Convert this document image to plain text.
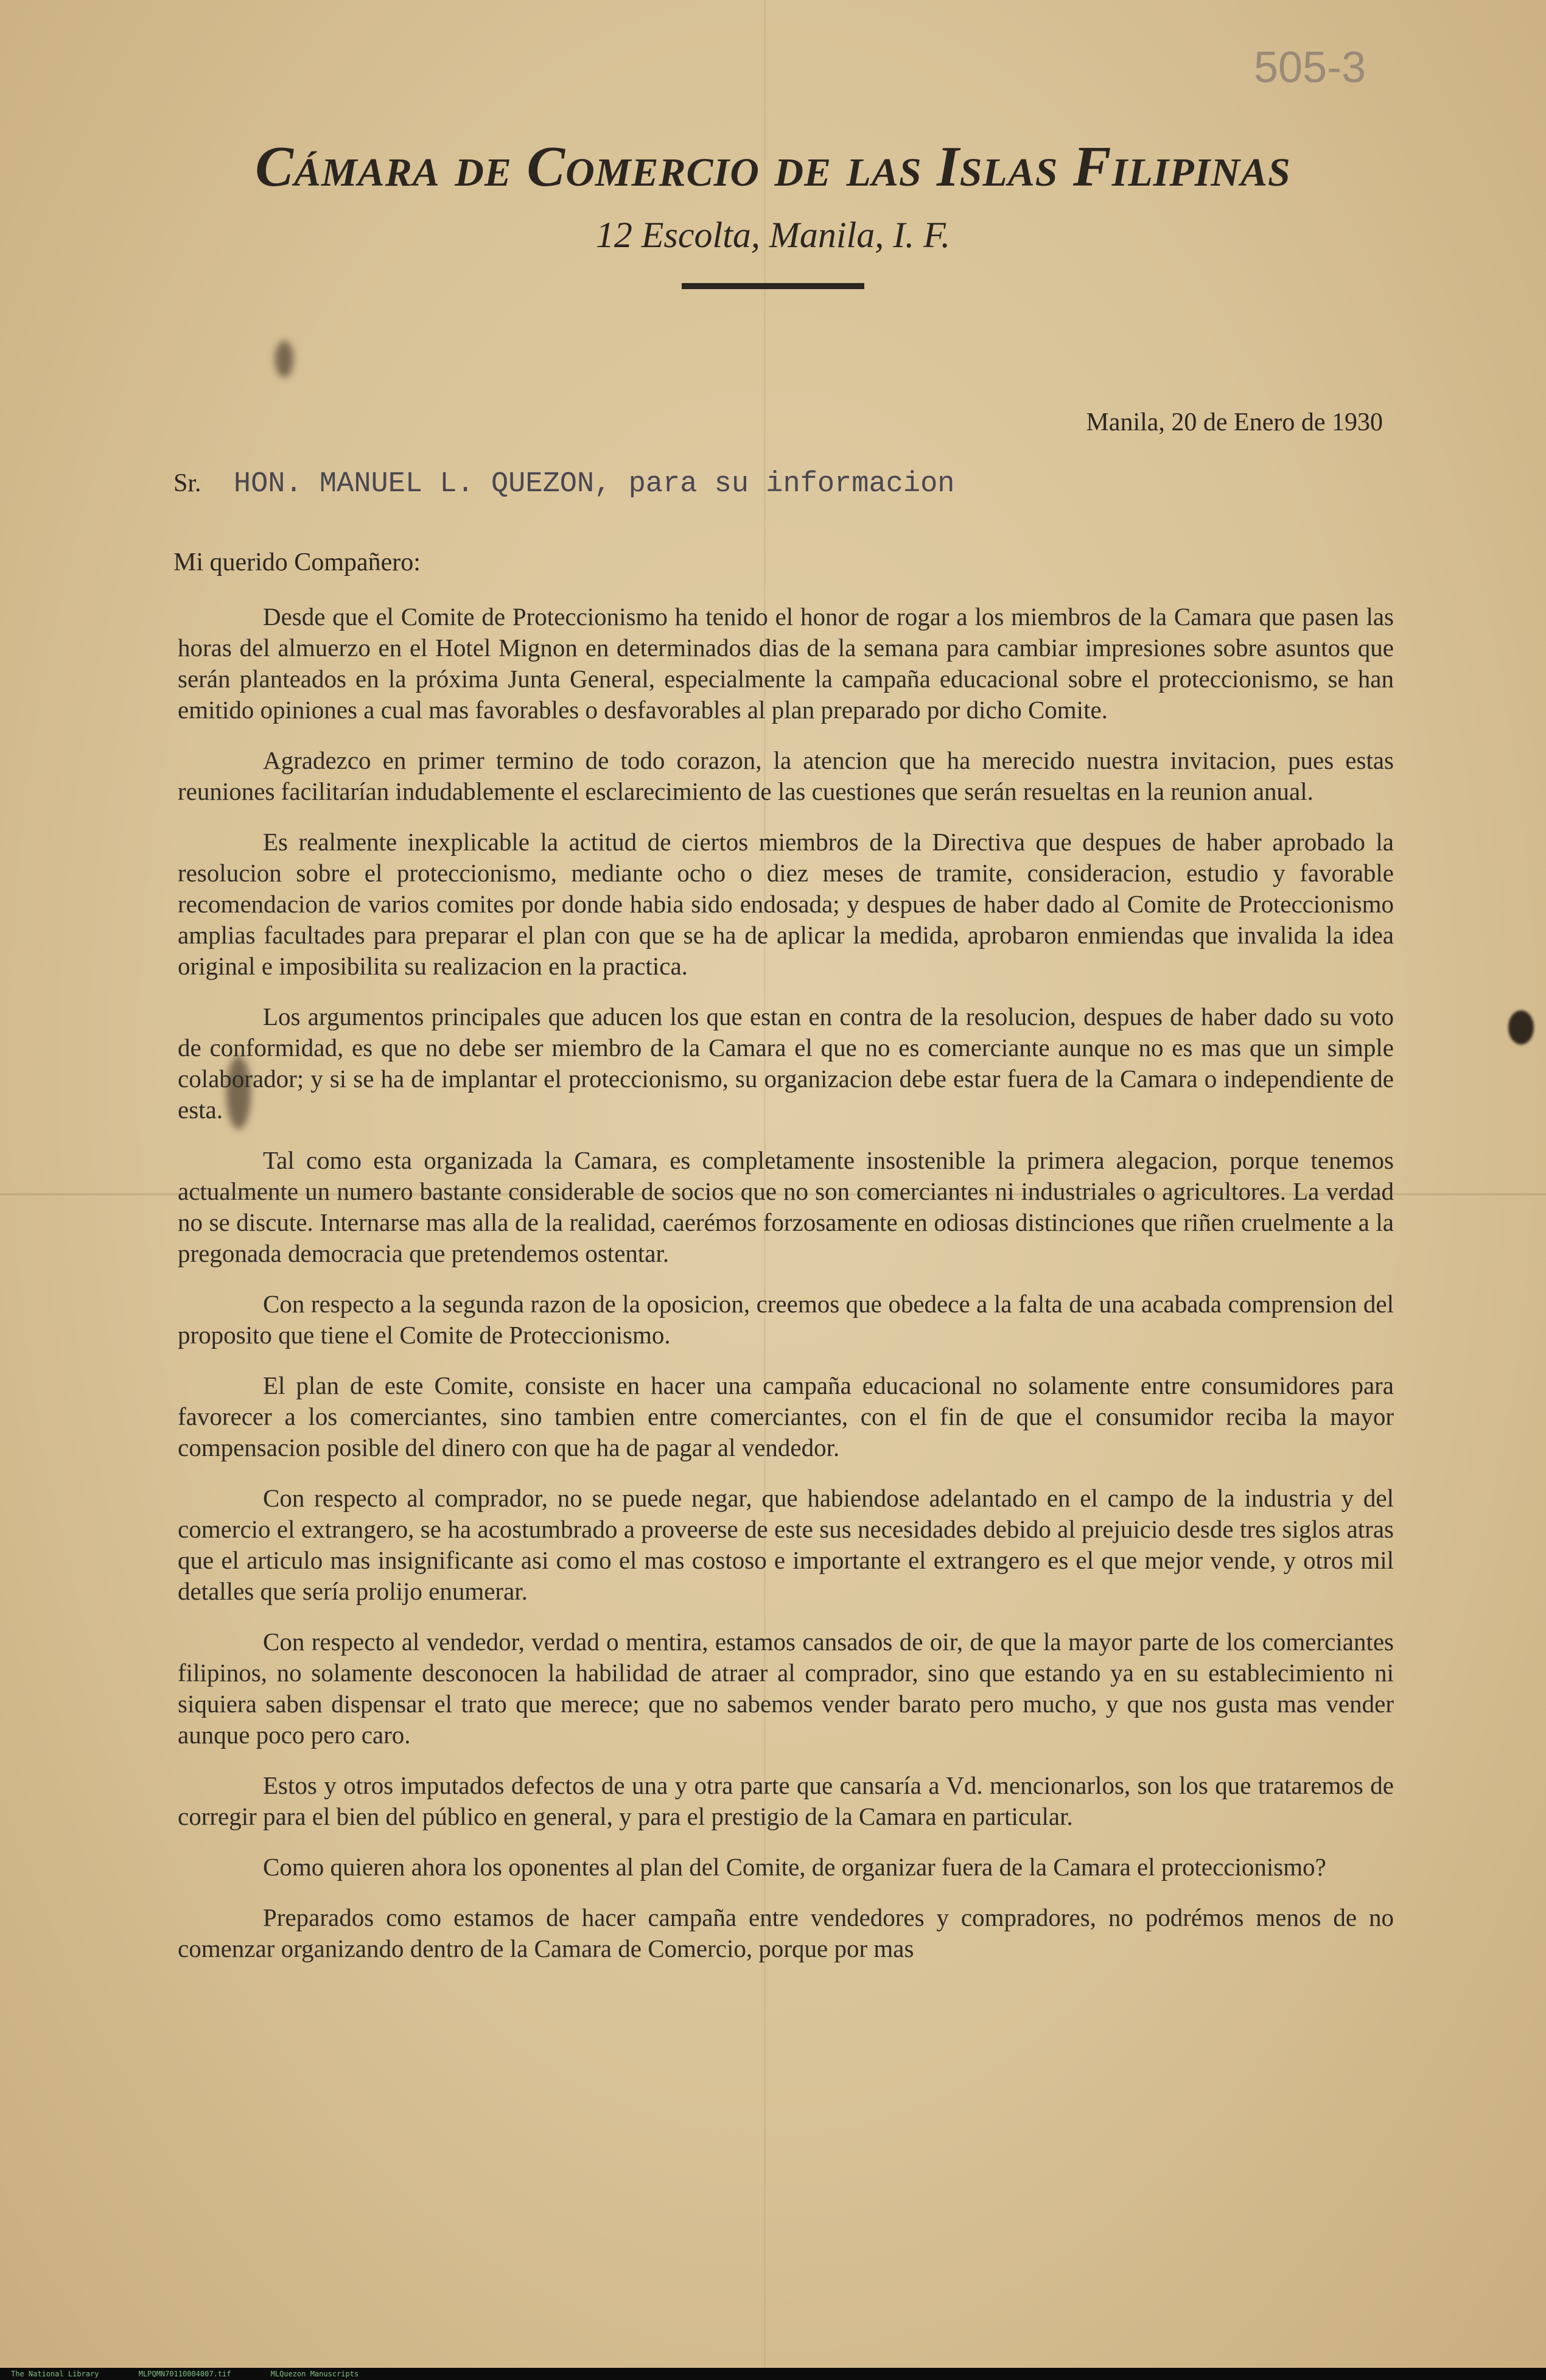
505-3
Cámara de Comercio de las Islas Filipinas
12 Escolta, Manila, I. F.
Manila, 20 de Enero de 1930
Sr. HON. MANUEL L. QUEZON, para su informacion
Mi querido Compañero:

Desde que el Comite de Proteccionismo ha tenido el honor de rogar a los miembros de la Camara que pasen las horas del almuerzo en el Hotel Mignon en determinados dias de la semana para cambiar impresiones sobre asuntos que serán planteados en la próxima Junta General, especialmente la campaña educacional sobre el proteccionismo, se han emitido opiniones a cual mas favorables o desfavorables al plan preparado por dicho Comite.

Agradezco en primer termino de todo corazon, la atencion que ha merecido nuestra invitacion, pues estas reuniones facilitarían indudablemente el esclarecimiento de las cuestiones que serán resueltas en la reunion anual.

Es realmente inexplicable la actitud de ciertos miembros de la Directiva que despues de haber aprobado la resolucion sobre el proteccionismo, mediante ocho o diez meses de tramite, consideracion, estudio y favorable recomendacion de varios comites por donde habia sido endosada; y despues de haber dado al Comite de Proteccionismo amplias facultades para preparar el plan con que se ha de aplicar la medida, aprobaron enmiendas que invalida la idea original e imposibilita su realizacion en la practica.

Los argumentos principales que aducen los que estan en contra de la resolucion, despues de haber dado su voto de conformidad, es que no debe ser miembro de la Camara el que no es comerciante aunque no es mas que un simple colaborador; y si se ha de implantar el proteccionismo, su organizacion debe estar fuera de la Camara o independiente de esta.

Tal como esta organizada la Camara, es completamente insostenible la primera alegacion, porque tenemos actualmente un numero bastante considerable de socios que no son comerciantes ni industriales o agricultores. La verdad no se discute. Internarse mas alla de la realidad, caerémos forzosamente en odiosas distinciones que riñen cruelmente a la pregonada democracia que pretendemos ostentar.

Con respecto a la segunda razon de la oposicion, creemos que obedece a la falta de una acabada comprension del proposito que tiene el Comite de Proteccionismo.

El plan de este Comite, consiste en hacer una campaña educacional no solamente entre consumidores para favorecer a los comerciantes, sino tambien entre comerciantes, con el fin de que el consumidor reciba la mayor compensacion posible del dinero con que ha de pagar al vendedor.

Con respecto al comprador, no se puede negar, que habiendose adelantado en el campo de la industria y del comercio el extrangero, se ha acostumbrado a proveerse de este sus necesidades debido al prejuicio desde tres siglos atras que el articulo mas insignificante asi como el mas costoso e importante el extrangero es el que mejor vende, y otros mil detalles que sería prolijo enumerar.

Con respecto al vendedor, verdad o mentira, estamos cansados de oir, de que la mayor parte de los comerciantes filipinos, no solamente desconocen la habilidad de atraer al comprador, sino que estando ya en su establecimiento ni siquiera saben dispensar el trato que merece; que no sabemos vender barato pero mucho, y que nos gusta mas vender aunque poco pero caro.

Estos y otros imputados defectos de una y otra parte que cansaría a Vd. mencionarlos, son los que trataremos de corregir para el bien del público en general, y para el prestigio de la Camara en particular.

Como quieren ahora los oponentes al plan del Comite, de organizar fuera de la Camara el proteccionismo?

Preparados como estamos de hacer campaña entre vendedores y compradores, no podrémos menos de no comenzar organizando dentro de la Camara de Comercio, porque por mas

The National Library	MLPQMN70110004007.tif	MLQuezon Manuscripts
